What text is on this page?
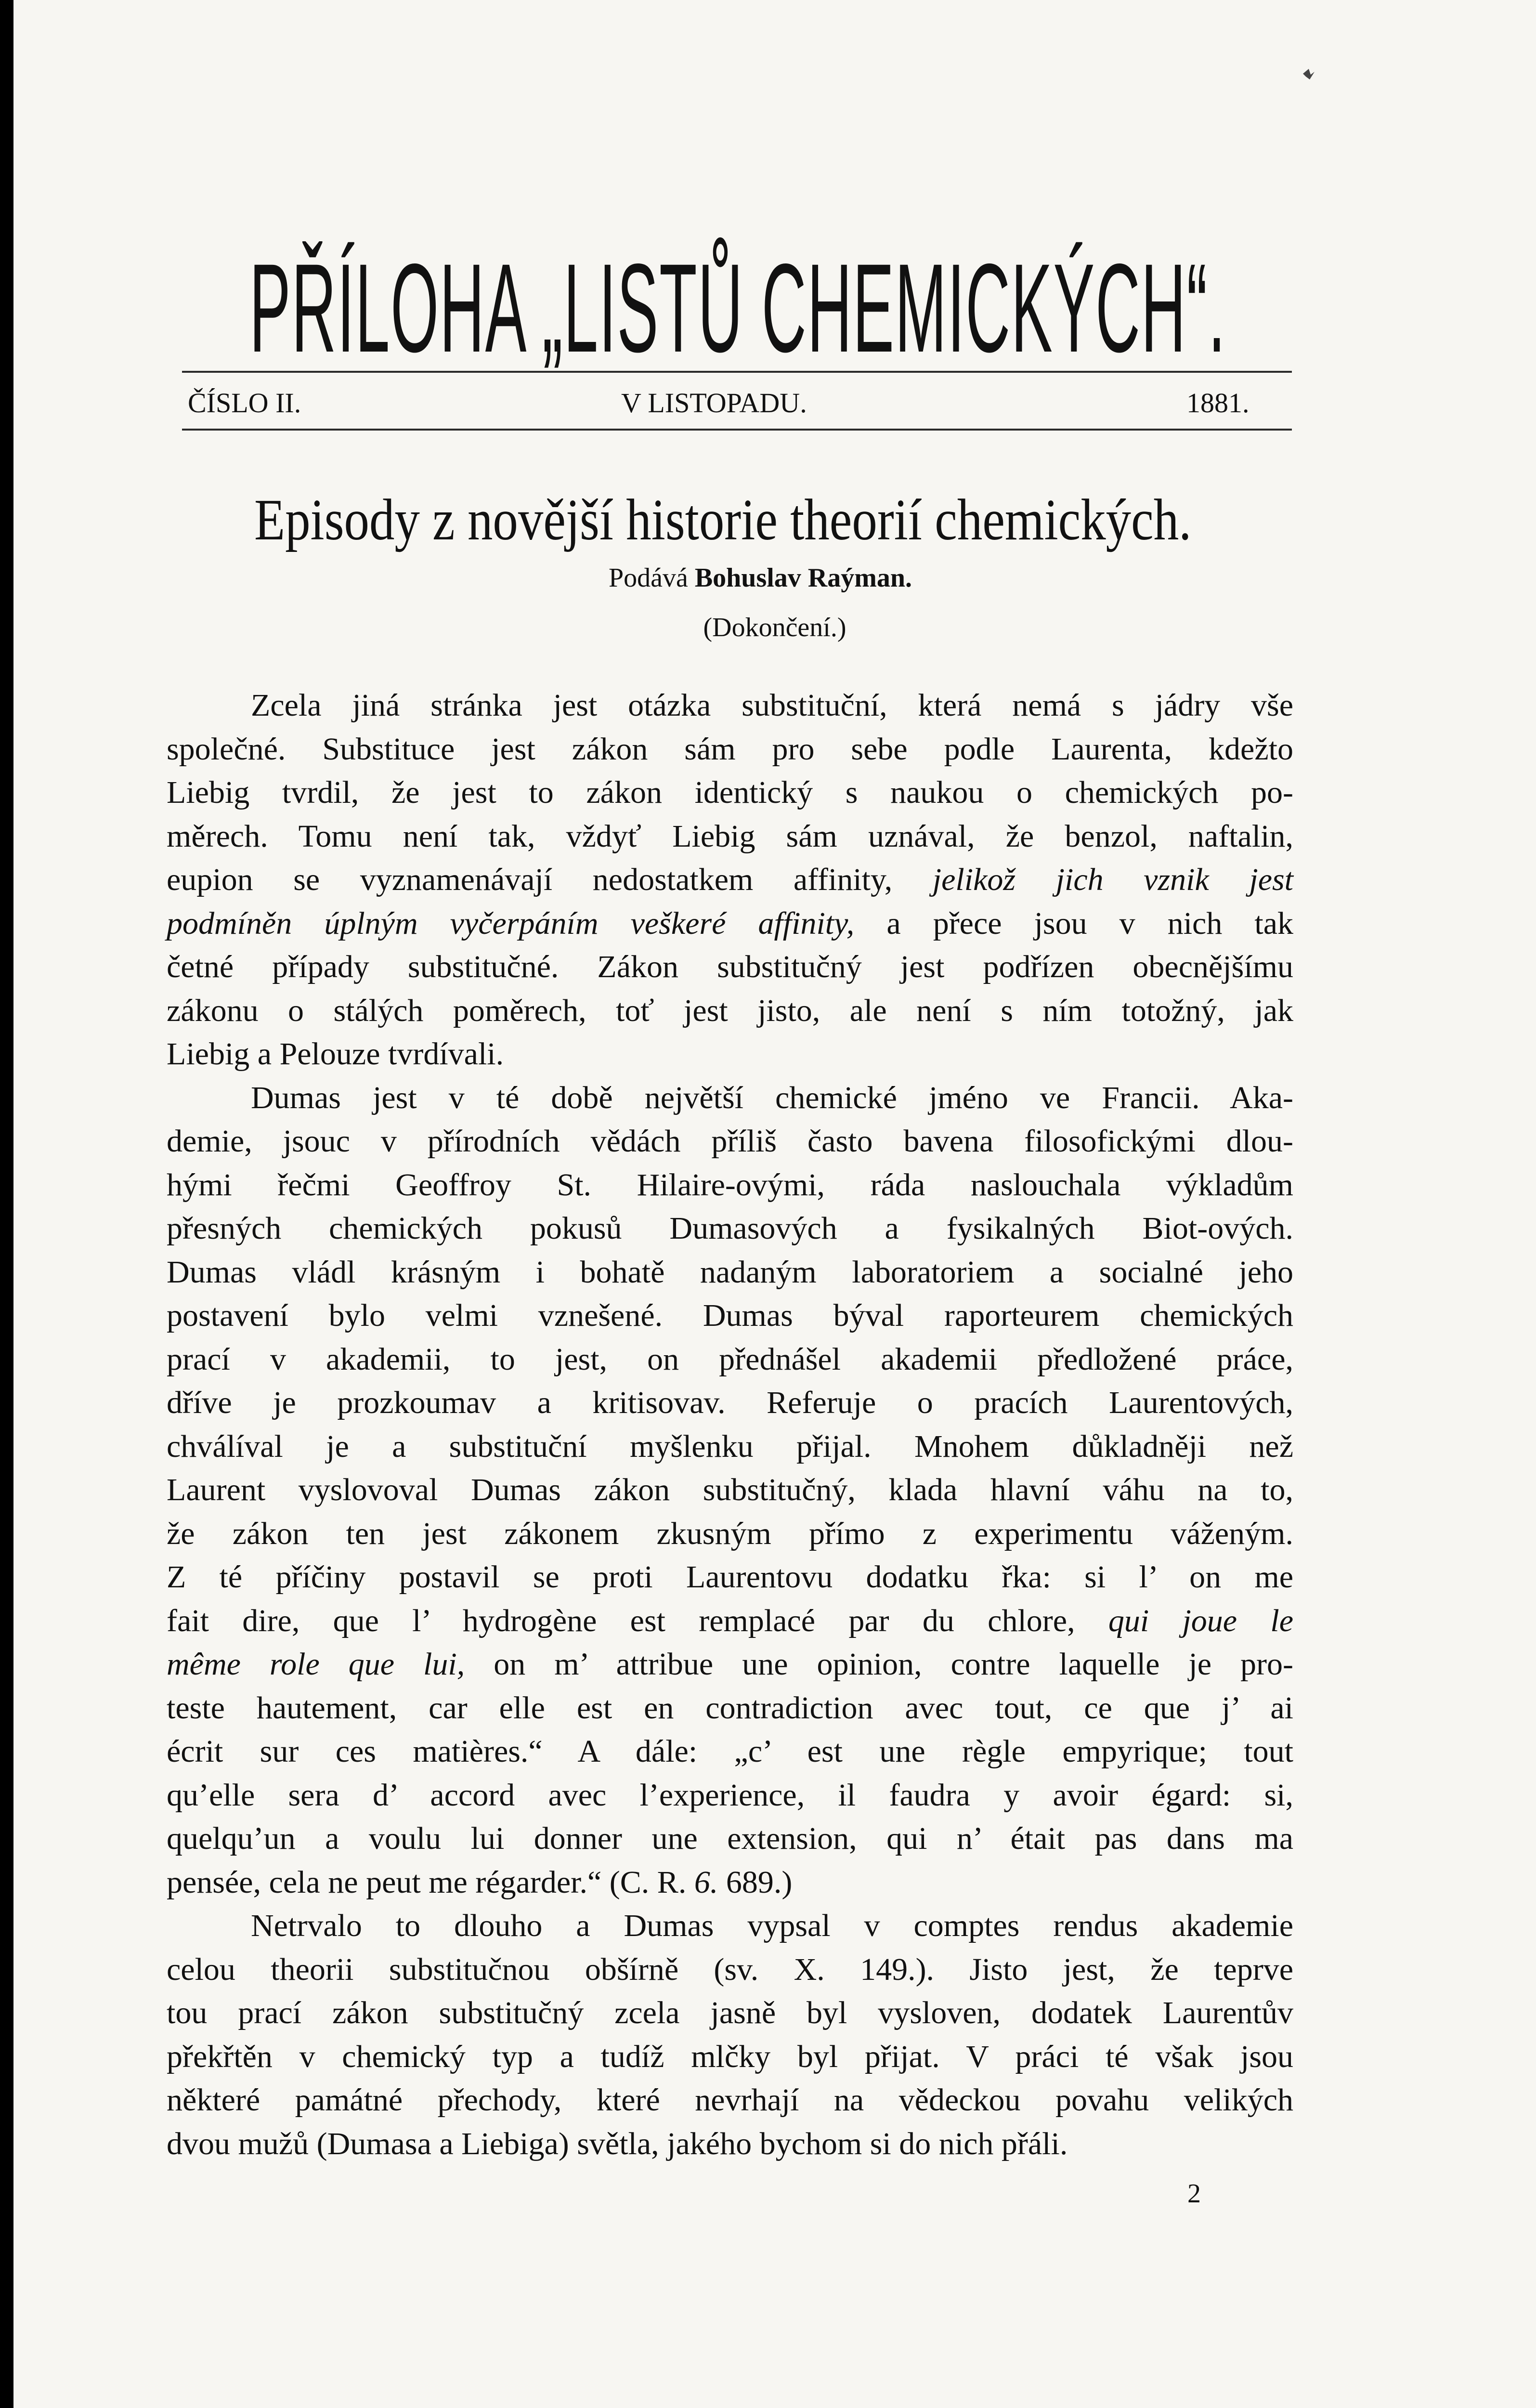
PŘÍLOHA „LISTŮ CHEMICKÝCH“.
ČÍSLO II.	V LISTOPADU.	1881.
Episody z novější historie theorií chemických.
Podává Bohuslav Raýman.
(Dokončení.)
Zcela jiná stránka jest otázka substituční, která nemá s jádry vše
společné. Substituce jest zákon sám pro sebe podle Laurenta, kdežto
Liebig tvrdil, že jest to zákon identický s naukou o chemických po-
měrech. Tomu není tak, vždyť Liebig sám uznával, že benzol, naftalin,
eupion se vyznamenávají nedostatkem affinity, jelikož jich vznik jest
podmíněn úplným vyčerpáním veškeré affinity, a přece jsou v nich tak
četné případy substitučné. Zákon substitučný jest podřízen obecnějšímu
zákonu o stálých poměrech, toť jest jisto, ale není s ním totožný, jak
Liebig a Pelouze tvrdívali.
Dumas jest v té době největší chemické jméno ve Francii. Aka-
demie, jsouc v přírodních vědách příliš často bavena filosofickými dlou-
hými řečmi Geoffroy St. Hilaire-ovými, ráda naslouchala výkladům
přesných chemických pokusů Dumasových a fysikalných Biot-ových.
Dumas vládl krásným i bohatě nadaným laboratoriem a socialné jeho
postavení bylo velmi vznešené. Dumas býval raporteurem chemických
prací v akademii, to jest, on přednášel akademii předložené práce,
dříve je prozkoumav a kritisovav. Referuje o pracích Laurentových,
chválíval je a substituční myšlenku přijal. Mnohem důkladněji než
Laurent vyslovoval Dumas zákon substitučný, klada hlavní váhu na to,
že zákon ten jest zákonem zkusným přímo z experimentu váženým.
Z té příčiny postavil se proti Laurentovu dodatku řka: si l’ on me
fait dire, que l’ hydrogène est remplacé par du chlore, qui joue le
même role que lui, on m’ attribue une opinion, contre laquelle je pro-
teste hautement, car elle est en contradiction avec tout, ce que j’ ai
écrit sur ces matières.“ A dále: „c’ est une règle empyrique; tout
qu’elle sera d’ accord avec l’experience, il faudra y avoir égard: si,
quelqu’un a voulu lui donner une extension, qui n’ était pas dans ma
pensée, cela ne peut me régarder.“ (C. R. 6. 689.)
Netrvalo to dlouho a Dumas vypsal v comptes rendus akademie
celou theorii substitučnou obšírně (sv. X. 149.). Jisto jest, že teprve
tou prací zákon substitučný zcela jasně byl vysloven, dodatek Laurentův
překřtěn v chemický typ a tudíž mlčky byl přijat. V práci té však jsou
některé památné přechody, které nevrhají na vědeckou povahu velikých
dvou mužů (Dumasa a Liebiga) světla, jakého bychom si do nich přáli.
2
